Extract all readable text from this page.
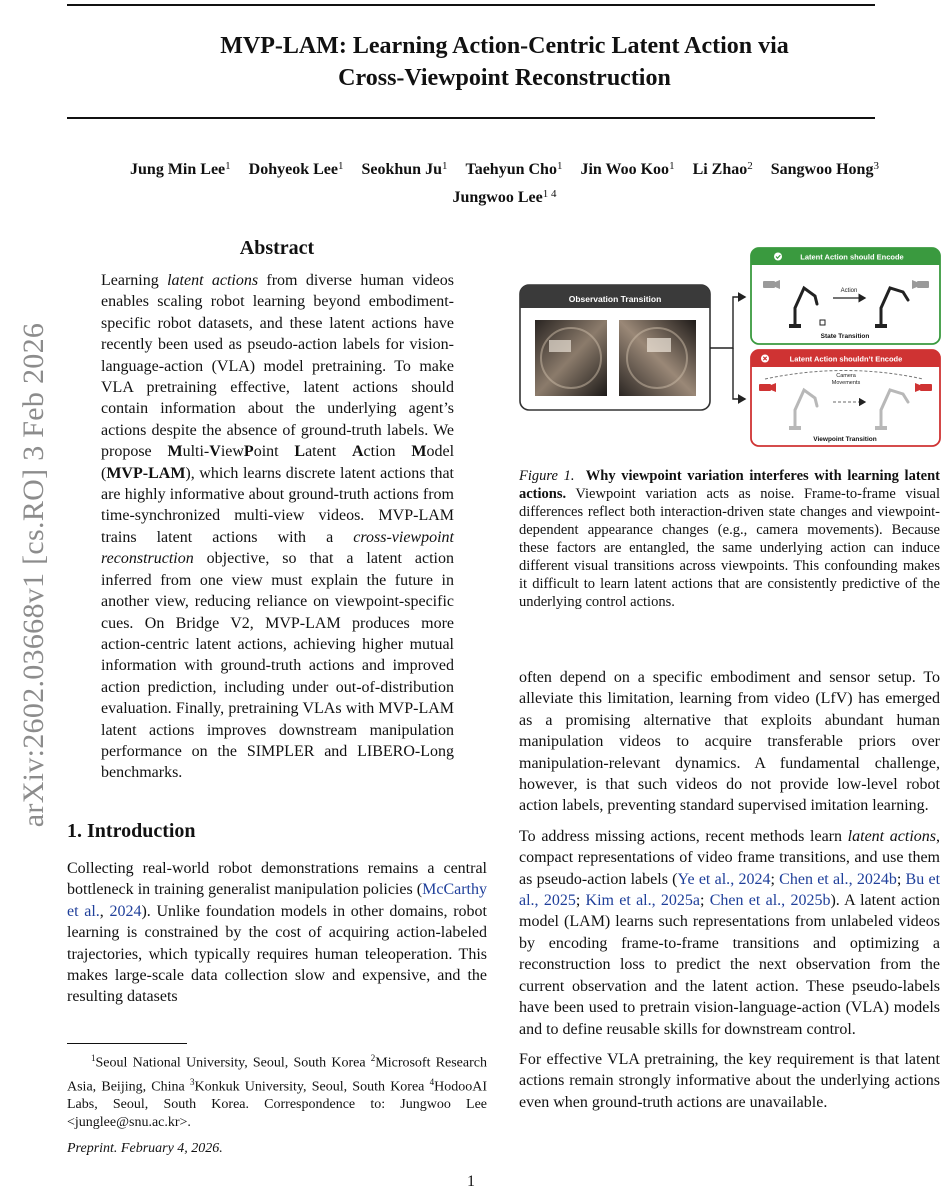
MVP-LAM: Learning Action-Centric Latent Action via
Cross-Viewpoint Reconstruction
Jung Min Lee$^1$ Dohyeok Lee$^1$ Seokhun Ju$^1$ Taehyun Cho$^1$ Jin Woo Koo$^1$ Li Zhao$^2$ Sangwoo Hong$^3$
Jungwoo Lee$^{1 4}$
arXiv:2602.03668v1 [cs.RO] 3 Feb 2026
Abstract
Learning latent actions from diverse human videos enables scaling robot learning beyond embodiment-specific robot datasets, and these latent actions have recently been used as pseudo-action labels for vision-language-action (VLA) model pretraining. To make VLA pretraining effective, latent actions should contain information about the underlying agent’s actions despite the absence of ground-truth labels. We propose Multi-ViewPoint Latent Action Model (MVP-LAM), which learns discrete latent actions that are highly informative about ground-truth actions from time-synchronized multi-view videos. MVP-LAM trains latent actions with a cross-viewpoint reconstruction objective, so that a latent action inferred from one view must explain the future in another view, reducing reliance on viewpoint-specific cues. On Bridge V2, MVP-LAM produces more action-centric latent actions, achieving higher mutual information with ground-truth actions and improved action prediction, including under out-of-distribution evaluation. Finally, pretraining VLAs with MVP-LAM latent actions improves downstream manipulation performance on the SIMPLER and LIBERO-Long benchmarks.
1. Introduction
Collecting real-world robot demonstrations remains a central bottleneck in training generalist manipulation policies (McCarthy et al., 2024). Unlike foundation models in other domains, robot learning is constrained by the cost of acquiring action-labeled trajectories, which typically requires human teleoperation. This makes large-scale data collection slow and expensive, and the resulting datasets
$^1$Seoul National University, Seoul, South Korea $^2$Microsoft Research Asia, Beijing, China $^3$Konkuk University, Seoul, South Korea $^4$HodooAI Labs, Seoul, South Korea. Correspondence to: Jungwoo Lee <junglee@snu.ac.kr>.
Preprint. February 4, 2026.
1
Observation Transition
Latent Action should Encode
Action
State Transition
Latent Action shouldn’t Encode
Camera
Movements
Viewpoint Transition
Figure 1. Why viewpoint variation interferes with learning latent actions. Viewpoint variation acts as noise. Frame-to-frame visual differences reflect both interaction-driven state changes and viewpoint-dependent appearance changes (e.g., camera movements). Because these factors are entangled, the same underlying action can induce different visual transitions across viewpoints. This confounding makes it difficult to learn latent actions that are consistently predictive of the underlying control actions.

often depend on a specific embodiment and sensor setup. To alleviate this limitation, learning from video (LfV) has emerged as a promising alternative that exploits abundant human manipulation videos to acquire transferable priors over manipulation-relevant dynamics. A fundamental challenge, however, is that such videos do not provide low-level robot action labels, preventing standard supervised imitation learning.

To address missing actions, recent methods learn latent actions, compact representations of video frame transitions, and use them as pseudo-action labels (Ye et al., 2024; Chen et al., 2024b; Bu et al., 2025; Kim et al., 2025a; Chen et al., 2025b). A latent action model (LAM) learns such representations from unlabeled videos by encoding frame-to-frame transitions and optimizing a reconstruction loss to predict the next observation from the current observation and the latent action. These pseudo-labels have been used to pretrain vision-language-action (VLA) models and to define reusable skills for downstream control.

For effective VLA pretraining, the key requirement is that latent actions remain strongly informative about the underlying actions even when ground-truth actions are unavailable.
